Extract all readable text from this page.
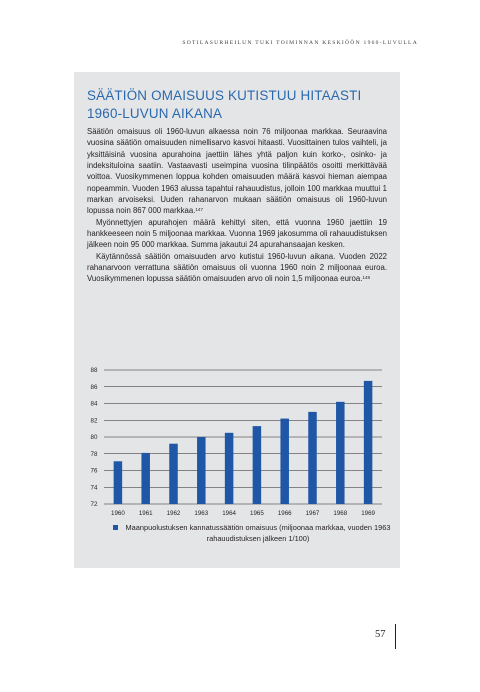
SOTILASURHEILUN TUKI TOIMINNAN KESKIÖÖN 1960-LUVULLA
SÄÄTIÖN OMAISUUS KUTISTUU HITAASTI
1960-LUVUN AIKANA

Säätiön omaisuus oli 1960-luvun alkaessa noin 76 miljoonaa markkaa. Seuraavina vuosina säätiön omaisuuden nimellisarvo kasvoi hitaasti. Vuosittainen tulos vaihteli, ja yksittäisinä vuosina apurahoina jaettiin lähes yhtä paljon kuin korko-, osinko- ja indeksituloina saatiin. Vastaavasti useimpina vuosina tilinpäätös osoitti merkittävää voittoa. Vuosikymmenen loppua kohden omaisuuden määrä kasvoi hieman aiempaa nopeammin. Vuoden 1963 alussa tapahtui rahauudistus, jolloin 100 markkaa muuttui 1 markan arvoiseksi. Uuden rahanarvon mukaan säätiön omaisuus oli 1960-luvun lopussa noin 867 000 markkaa.$^{147}$

Myönnettyjen apurahojen määrä kehittyi siten, että vuonna 1960 jaettiin 19 hankkeeseen noin 5 miljoonaa markkaa. Vuonna 1969 jakosumma oli rahauudistuksen jälkeen noin 95 000 markkaa. Summa jakautui 24 apurahansaajan kesken.

Käytännössä säätiön omaisuuden arvo kutistui 1960-luvun aikana. Vuoden 2022 rahanarvoon verrattuna säätiön omaisuus oli vuonna 1960 noin 2 miljoonaa euroa. Vuosikymmenen lopussa säätiön omaisuuden arvo oli noin 1,5 miljoonaa euroa.$^{148}$

72
74
76
78
80
82
84
86
88
1960 1961 1962 1963 1964 1965 1966 1967 1968 1969
Maanpuolustuksen kannatussäätiön omaisuus (miljoonaa markkaa, vuoden 1963 rahauudistuksen jälkeen 1/100)
57
